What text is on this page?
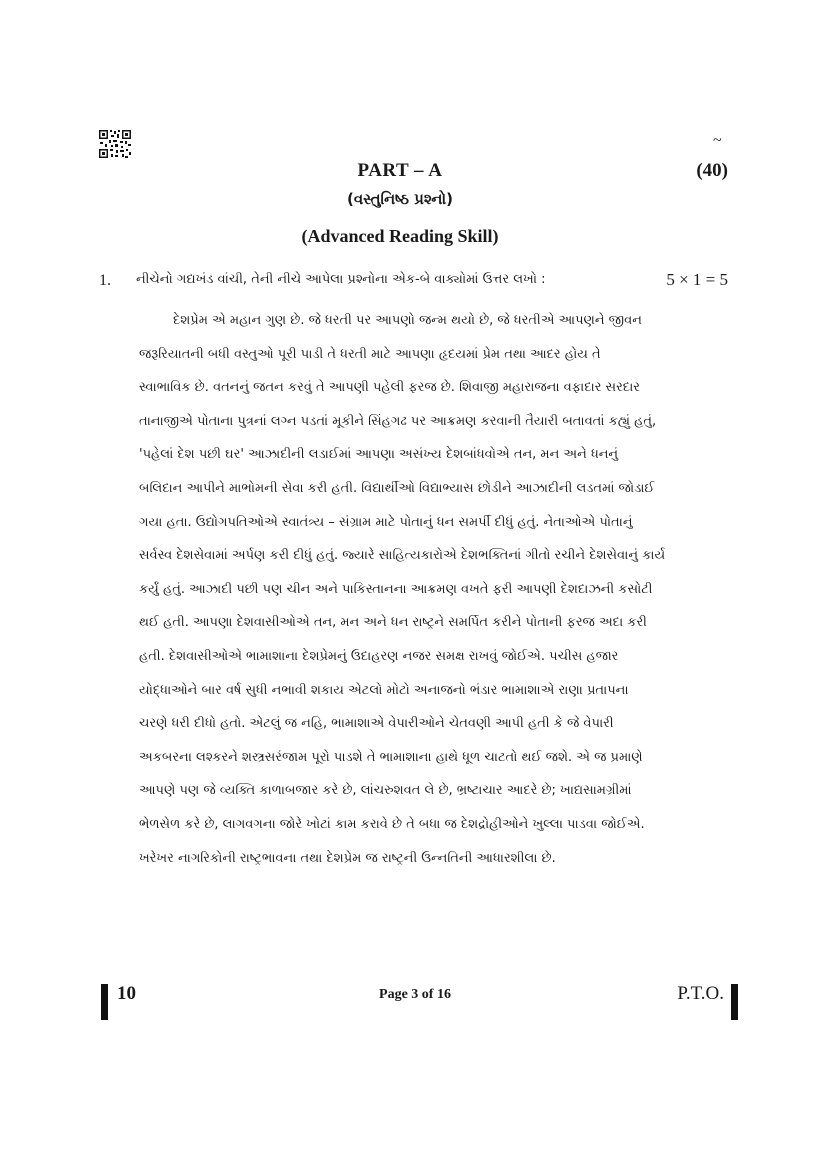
~
PART – A	(40)
(વસ્તુનિષ્ઠ પ્રશ્નો)
(Advanced Reading Skill)
1. નીચેનો ગદ્યખંડ વાંચી, તેની નીચે આપેલા પ્રશ્નોના એક-બે વાક્યોમાં ઉત્તર લખો :	5 × 1 = 5
દેશપ્રેમ એ મહાન ગુણ છે. જે ધરતી પર આપણો જન્મ થયો છે, જે ધરતીએ આપણને જીવન
જરૂરિયાતની બધી વસ્તુઓ પૂરી પાડી તે ધરતી માટે આપણા હૃદયમાં પ્રેમ તથા આદર હોય તે
સ્વાભાવિક છે. વતનનું જતન કરવું તે આપણી પહેલી ફરજ છે. શિવાજી મહારાજના વફાદાર સરદાર
તાનાજીએ પોતાના પુત્રનાં લગ્ન પડતાં મૂકીને સિંહગઢ પર આક્રમણ કરવાની તૈયારી બતાવતાં કહ્યું હતું,
'પહેલાં દેશ પછી ઘર' આઝાદીની લડાઈમાં આપણા અસંખ્ય દેશબાંધવોએ તન, મન અને ધનનું
બલિદાન આપીને માભોમની સેવા કરી હતી. વિદ્યાર્થીઓ વિદ્યાભ્યાસ છોડીને આઝાદીની લડતમાં જોડાઈ
ગયા હતા. ઉદ્યોગપતિઓએ સ્વાતંત્ર્ય – સંગ્રામ માટે પોતાનું ધન સમર્પી દીધું હતું. નેતાઓએ પોતાનું
સર્વસ્વ દેશસેવામાં અર્પણ કરી દીધું હતું. જ્યારે સાહિત્યકારોએ દેશભક્તિનાં ગીતો રચીને દેશસેવાનું કાર્ય
કર્યું હતું. આઝાદી પછી પણ ચીન અને પાકિસ્તાનના આક્રમણ વખતે ફરી આપણી દેશદાઝની કસોટી
થઈ હતી. આપણા દેશવાસીઓએ તન, મન અને ધન રાષ્ટ્રને સમર્પિત કરીને પોતાની ફરજ અદા કરી
હતી. દેશવાસીઓએ ભામાશાના દેશપ્રેમનું ઉદાહરણ નજર સમક્ષ રાખવું જોઈએ. પચીસ હજાર
યોદ્ધાઓને બાર વર્ષ સુધી નભાવી શકાય એટલો મોટો અનાજનો ભંડાર ભામાશાએ રાણા પ્રતાપના
ચરણે ધરી દીધો હતો. એટલું જ નહિ, ભામાશાએ વેપારીઓને ચેતવણી આપી હતી કે જે વેપારી
અકબરના લશ્કરને શસ્ત્રસરંજામ પૂરો પાડશે તે ભામાશાના હાથે ધૂળ ચાટતો થઈ જશે. એ જ પ્રમાણે
આપણે પણ જે વ્યક્તિ કાળાબજાર કરે છે, લાંચરુશવત લે છે, ભ્રષ્ટાચાર આદરે છે; ખાદ્યસામગ્રીમાં
ભેળસેળ કરે છે, લાગવગના જોરે ખોટાં કામ કરાવે છે તે બધા જ દેશદ્રોહીઓને ખુલ્લા પાડવા જોઈએ.
ખરેખર નાગરિકોની રાષ્ટ્રભાવના તથા દેશપ્રેમ જ રાષ્ટ્રની ઉન્નતિની આધારશીલા છે.
10	Page 3 of 16	P.T.O.
